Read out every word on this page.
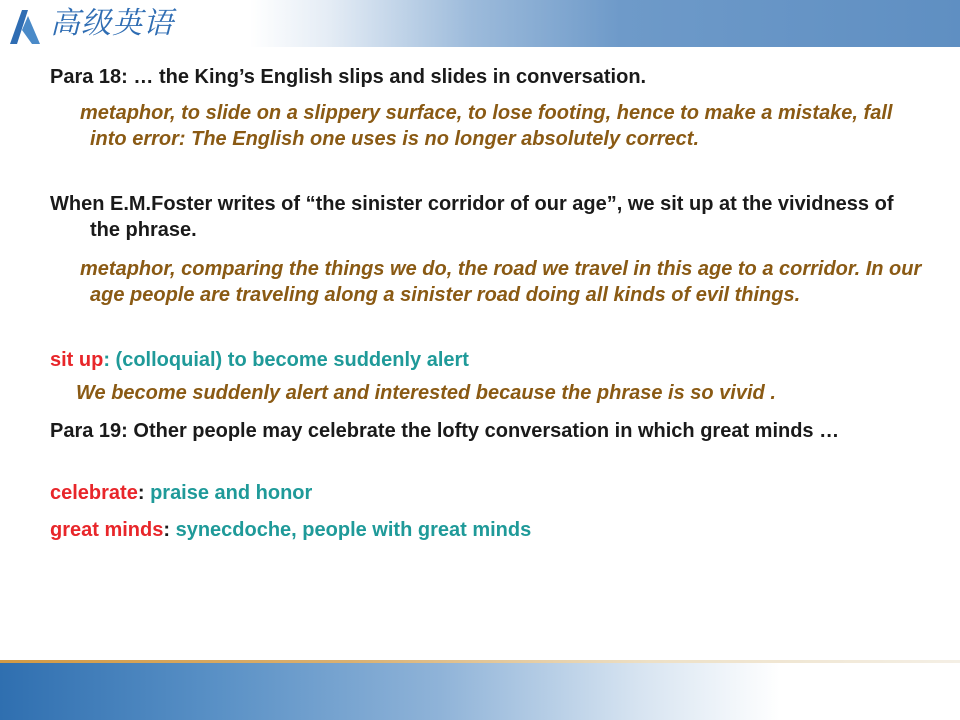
高级英语

Para 18: … the King’s English slips and slides in conversation.

metaphor, to slide on a slippery surface, to lose footing, hence to make a mistake, fall into error: The English one uses is no longer absolutely correct.

When E.M.Foster writes of “the sinister corridor of our age”, we sit up at the vividness of the phrase.

metaphor, comparing the things we do, the road we travel in this age to a corridor. In our age people are traveling along a sinister road doing all kinds of evil things.

sit up: (colloquial) to become suddenly alert

We become suddenly alert and interested because the phrase is so vivid .

Para 19: Other people may celebrate the lofty conversation in which great minds …

celebrate: praise and honor

great minds: synecdoche, people with great minds
